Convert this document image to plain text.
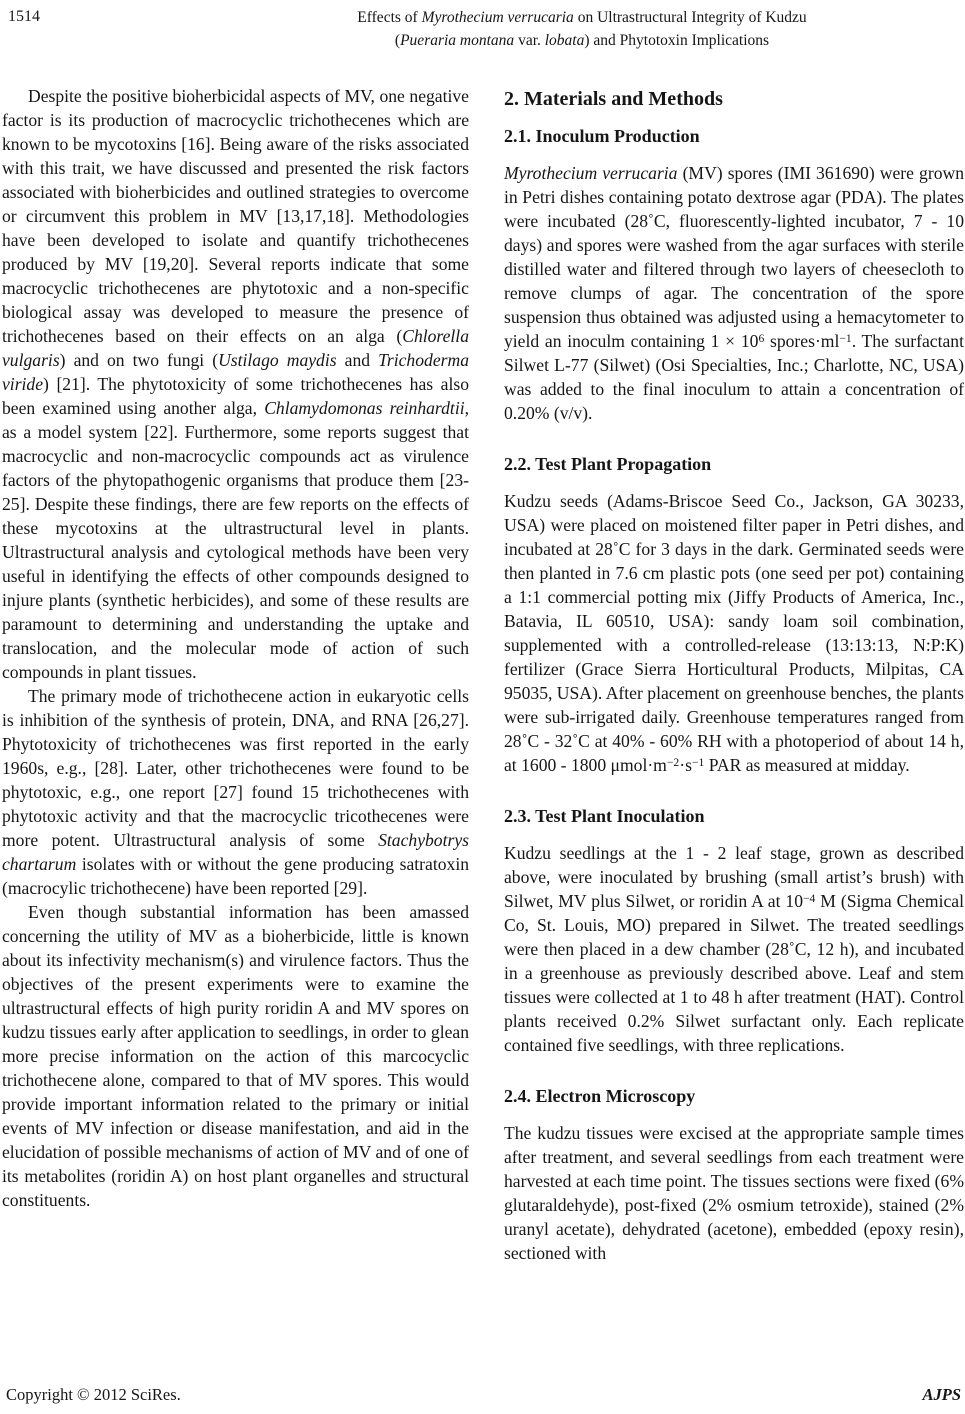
1514	Effects of Myrothecium verrucaria on Ultrastructural Integrity of Kudzu (Pueraria montana var. lobata) and Phytotoxin Implications

Despite the positive bioherbicidal aspects of MV, one negative factor is its production of macrocyclic trichothecenes which are known to be mycotoxins [16]. Being aware of the risks associated with this trait, we have discussed and presented the risk factors associated with bioherbicides and outlined strategies to overcome or circumvent this problem in MV [13,17,18]. Methodologies have been developed to isolate and quantify trichothecenes produced by MV [19,20]. Several reports indicate that some macrocyclic trichothecenes are phytotoxic and a non-specific biological assay was developed to measure the presence of trichothecenes based on their effects on an alga (Chlorella vulgaris) and on two fungi (Ustilago maydis and Trichoderma viride) [21]. The phytotoxicity of some trichothecenes has also been examined using another alga, Chlamydomonas reinhardtii, as a model system [22]. Furthermore, some reports suggest that macrocyclic and non-macrocyclic compounds act as virulence factors of the phytopathogenic organisms that produce them [23-25]. Despite these findings, there are few reports on the effects of these mycotoxins at the ultrastructural level in plants. Ultrastructural analysis and cytological methods have been very useful in identifying the effects of other compounds designed to injure plants (synthetic herbicides), and some of these results are paramount to determining and understanding the uptake and translocation, and the molecular mode of action of such compounds in plant tissues.

The primary mode of trichothecene action in eukaryotic cells is inhibition of the synthesis of protein, DNA, and RNA [26,27]. Phytotoxicity of trichothecenes was first reported in the early 1960s, e.g., [28]. Later, other trichothecenes were found to be phytotoxic, e.g., one report [27] found 15 trichothecenes with phytotoxic activity and that the macrocyclic tricothecenes were more potent. Ultrastructural analysis of some Stachybotrys chartarum isolates with or without the gene producing satratoxin (macrocylic trichothecene) have been reported [29].

Even though substantial information has been amassed concerning the utility of MV as a bioherbicide, little is known about its infectivity mechanism(s) and virulence factors. Thus the objectives of the present experiments were to examine the ultrastructural effects of high purity roridin A and MV spores on kudzu tissues early after application to seedlings, in order to glean more precise information on the action of this marcocyclic trichothecene alone, compared to that of MV spores. This would provide important information related to the primary or initial events of MV infection or disease manifestation, and aid in the elucidation of possible mechanisms of action of MV and of one of its metabolites (roridin A) on host plant organelles and structural constituents.

2. Materials and Methods
2.1. Inoculum Production

Myrothecium verrucaria (MV) spores (IMI 361690) were grown in Petri dishes containing potato dextrose agar (PDA). The plates were incubated (28˚C, fluorescently-lighted incubator, 7 - 10 days) and spores were washed from the agar surfaces with sterile distilled water and filtered through two layers of cheesecloth to remove clumps of agar. The concentration of the spore suspension thus obtained was adjusted using a hemacytometer to yield an inoculm containing $1 \times 10^6$ $spores\cdot ml^{-1}$. The surfactant Silwet L-77 (Silwet) (Osi Specialties, Inc.; Charlotte, NC, USA) was added to the final inoculum to attain a concentration of 0.20% (v/v).

2.2. Test Plant Propagation

Kudzu seeds (Adams-Briscoe Seed Co., Jackson, GA 30233, USA) were placed on moistened filter paper in Petri dishes, and incubated at 28˚C for 3 days in the dark. Germinated seeds were then planted in 7.6 cm plastic pots (one seed per pot) containing a 1:1 commercial potting mix (Jiffy Products of America, Inc., Batavia, IL 60510, USA): sandy loam soil combination, supplemented with a controlled-release (13:13:13, N:P:K) fertilizer (Grace Sierra Horticultural Products, Milpitas, CA 95035, USA). After placement on greenhouse benches, the plants were sub-irrigated daily. Greenhouse temperatures ranged from 28˚C - 32˚C at 40% - 60% RH with a photoperiod of about 14 h, at 1600 - 1800 $\mu mol\cdot m^{-2}\cdot s^{-1}$ PAR as measured at midday.

2.3. Test Plant Inoculation

Kudzu seedlings at the 1 - 2 leaf stage, grown as described above, were inoculated by brushing (small artist’s brush) with Silwet, MV plus Silwet, or roridin A at $10^{-4}$ M (Sigma Chemical Co, St. Louis, MO) prepared in Silwet. The treated seedlings were then placed in a dew chamber (28˚C, 12 h), and incubated in a greenhouse as previously described above. Leaf and stem tissues were collected at 1 to 48 h after treatment (HAT). Control plants received 0.2% Silwet surfactant only. Each replicate contained five seedlings, with three replications.

2.4. Electron Microscopy

The kudzu tissues were excised at the appropriate sample times after treatment, and several seedlings from each treatment were harvested at each time point. The tissues sections were fixed (6% glutaraldehyde), post-fixed (2% osmium tetroxide), stained (2% uranyl acetate), dehydrated (acetone), embedded (epoxy resin), sectioned with

Copyright © 2012 SciRes.	AJPS
